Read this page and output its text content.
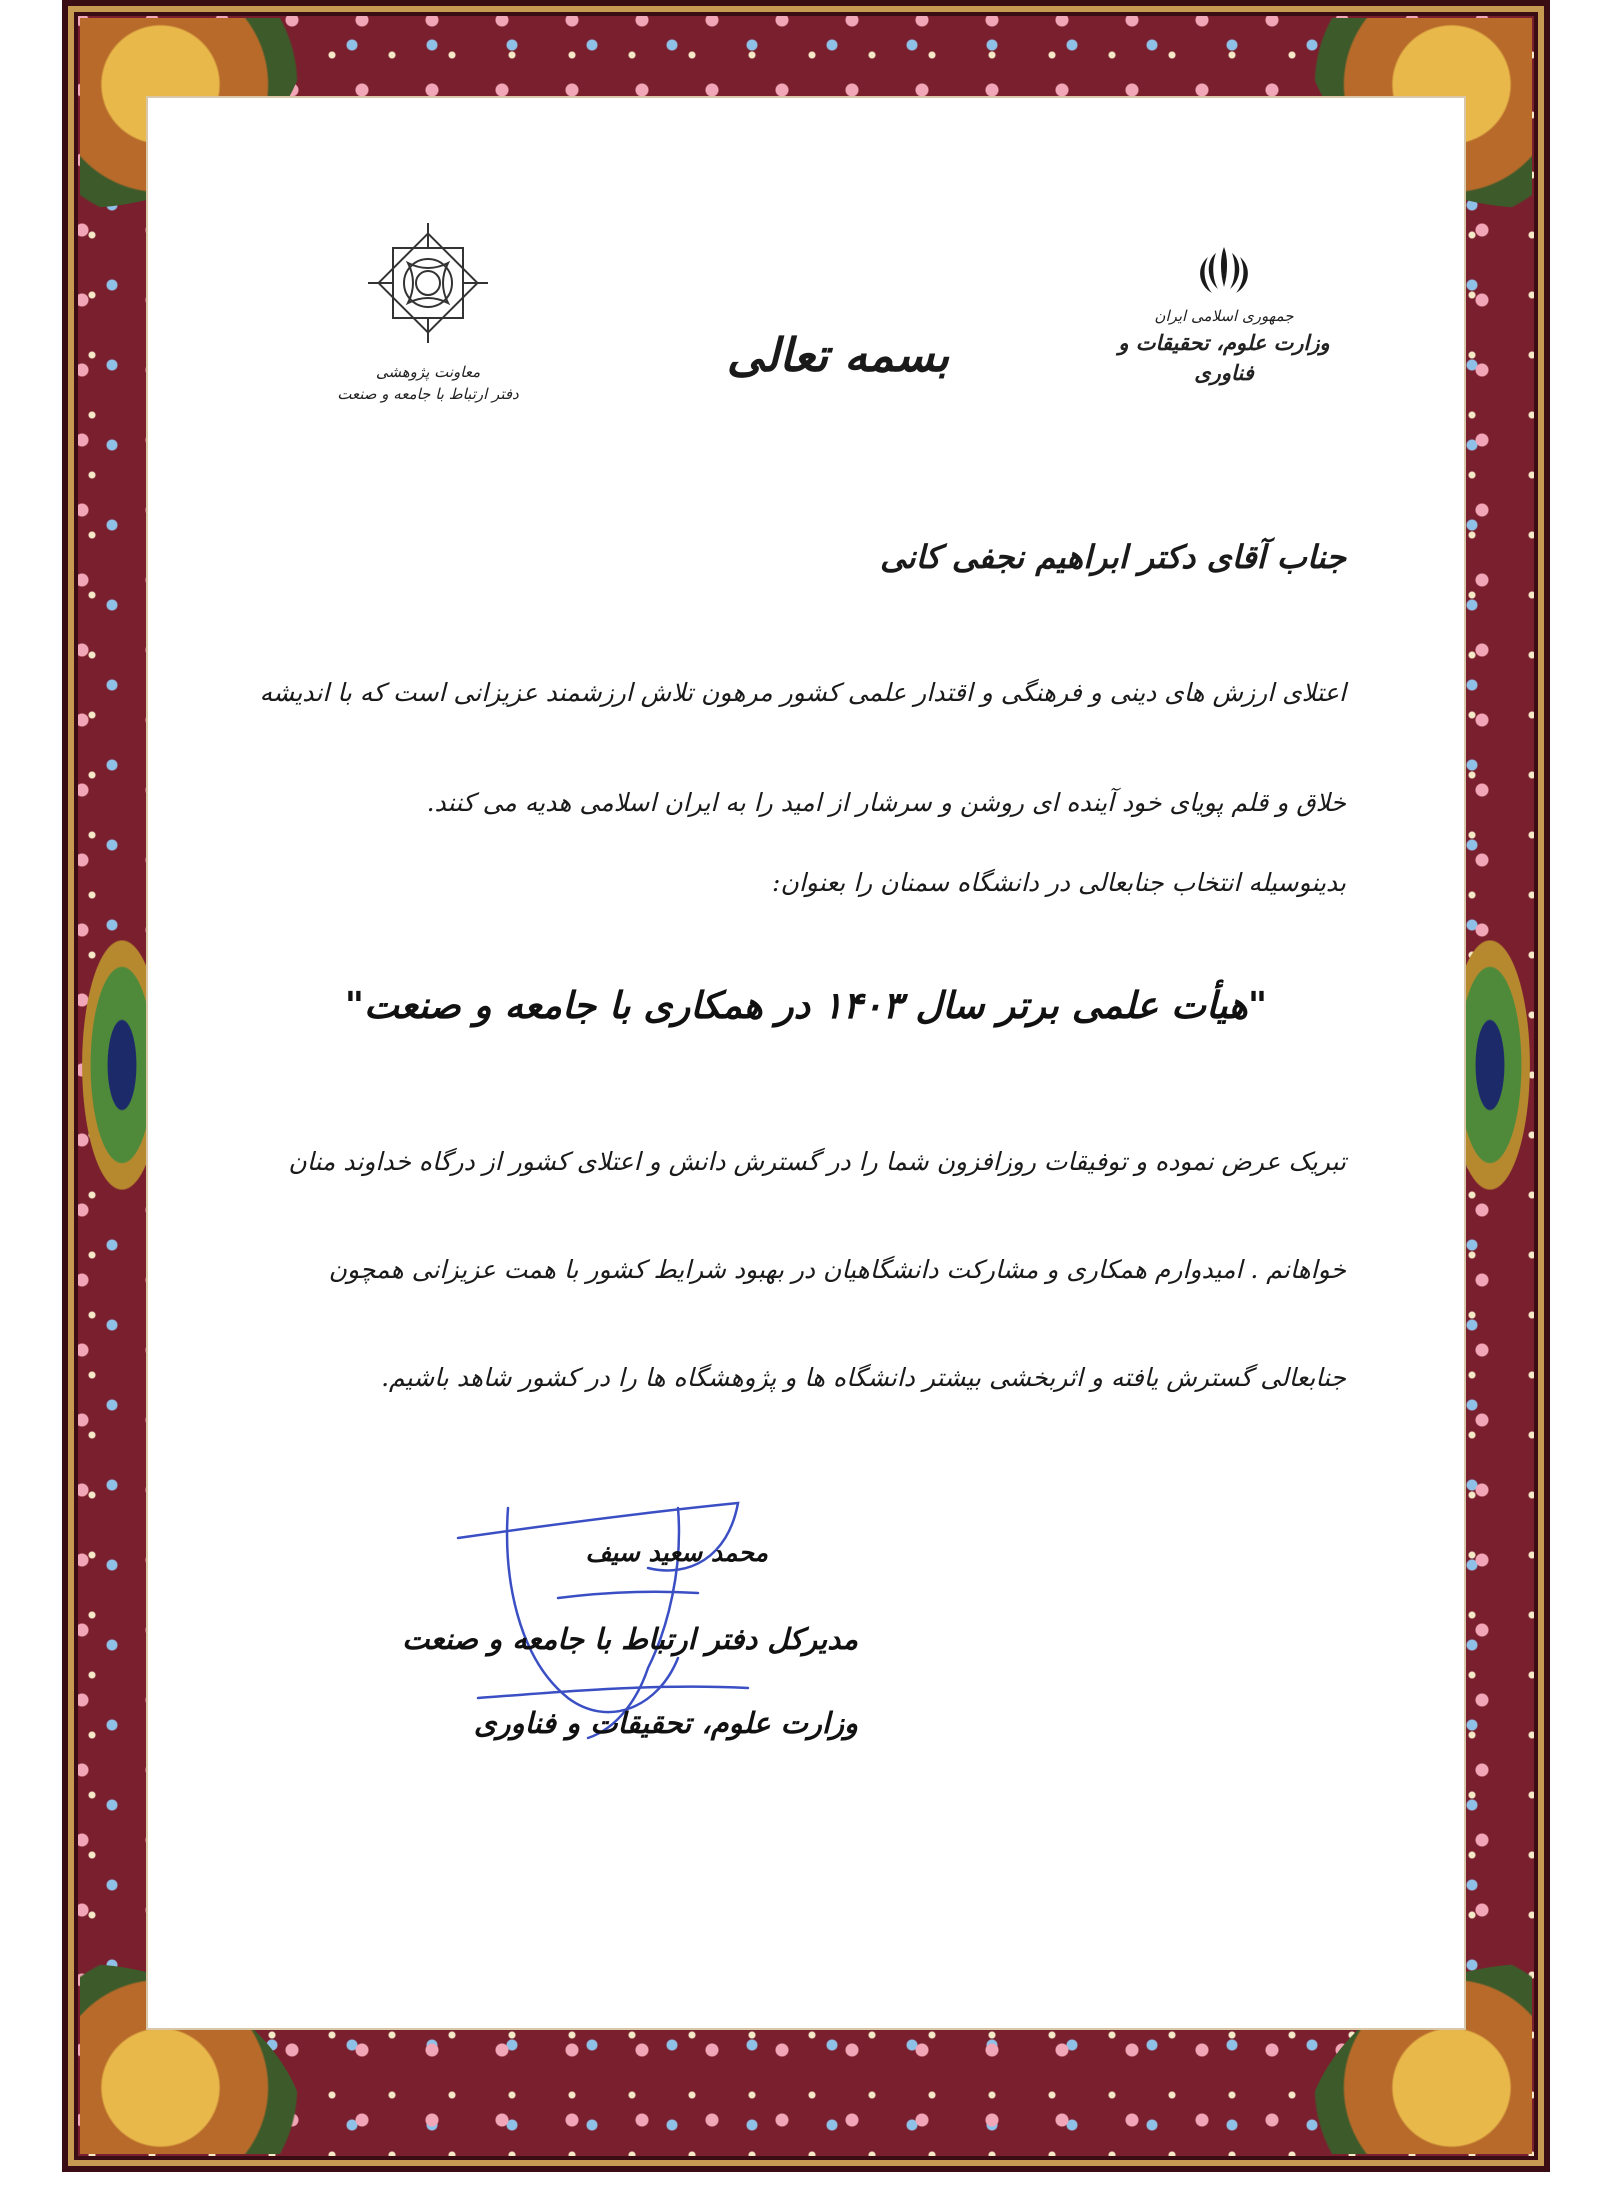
معاونت پژوهشی
دفتر ارتباط با جامعه و صنعت
بسمه تعالی
جمهوری اسلامی ایران
وزارت علوم، تحقیقات و فناوری
جناب آقای دکتر ابراهیم نجفی کانی
اعتلای ارزش های دینی و فرهنگی و اقتدار علمی کشور مرهون تلاش ارزشمند عزیزانی است که با اندیشه خلاق و قلم پویای خود آینده ای روشن و سرشار از امید را به ایران اسلامی هدیه می کنند.
بدینوسیله انتخاب جنابعالی در دانشگاه سمنان را بعنوان:
"هیأت علمی برتر سال ۱۴۰۳ در همکاری با جامعه و صنعت"
تبریک عرض نموده و توفیقات روزافزون شما را در گسترش دانش و اعتلای کشور از درگاه خداوند منان خواهانم . امیدوارم همکاری و مشارکت دانشگاهیان در بهبود شرایط کشور با همت عزیزانی همچون جنابعالی گسترش یافته و اثربخشی بیشتر دانشگاه ها و پژوهشگاه ها را در کشور شاهد باشیم.
محمد سعید سیف
مدیرکل دفتر ارتباط با جامعه و صنعت
وزارت علوم، تحقیقات و فناوری
